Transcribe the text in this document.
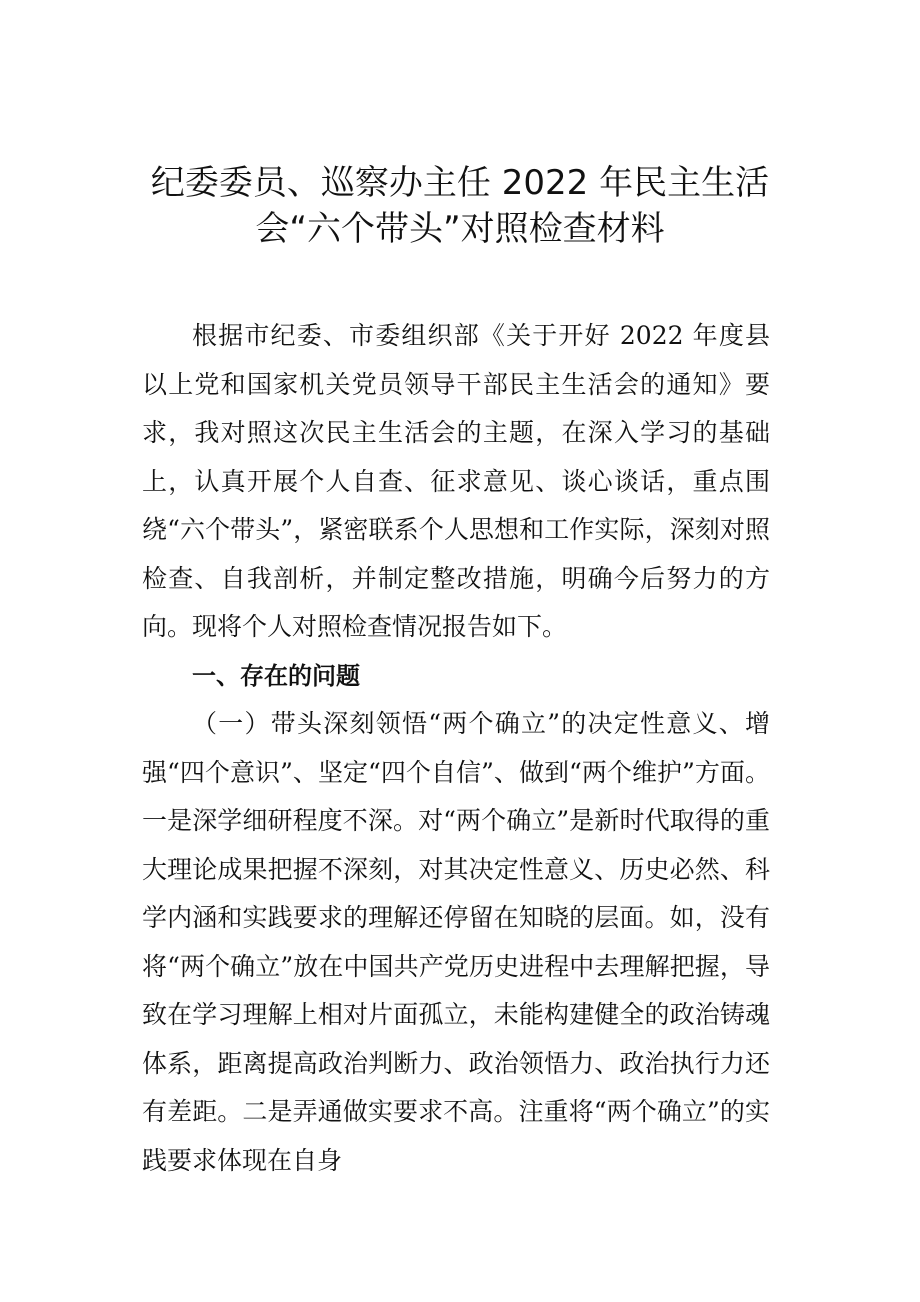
纪委委员、巡察办主任 2022 年民主生活
会“六个带头”对照检查材料

根据市纪委、市委组织部《关于开好 2022 年度县以上党和国家机关党员领导干部民主生活会的通知》要求，我对照这次民主生活会的主题，在深入学习的基础上，认真开展个人自查、征求意见、谈心谈话，重点围绕“六个带头”，紧密联系个人思想和工作实际，深刻对照检查、自我剖析，并制定整改措施，明确今后努力的方向。现将个人对照检查情况报告如下。

一、存在的问题

（一）带头深刻领悟“两个确立”的决定性意义、增强“四个意识”、坚定“四个自信”、做到“两个维护”方面。一是深学细研程度不深。对“两个确立”是新时代取得的重大理论成果把握不深刻，对其决定性意义、历史必然、科学内涵和实践要求的理解还停留在知晓的层面。如，没有将“两个确立”放在中国共产党历史进程中去理解把握，导致在学习理解上相对片面孤立，未能构建健全的政治铸魂体系，距离提高政治判断力、政治领悟力、政治执行力还有差距。二是弄通做实要求不高。注重将“两个确立”的实践要求体现在自身
